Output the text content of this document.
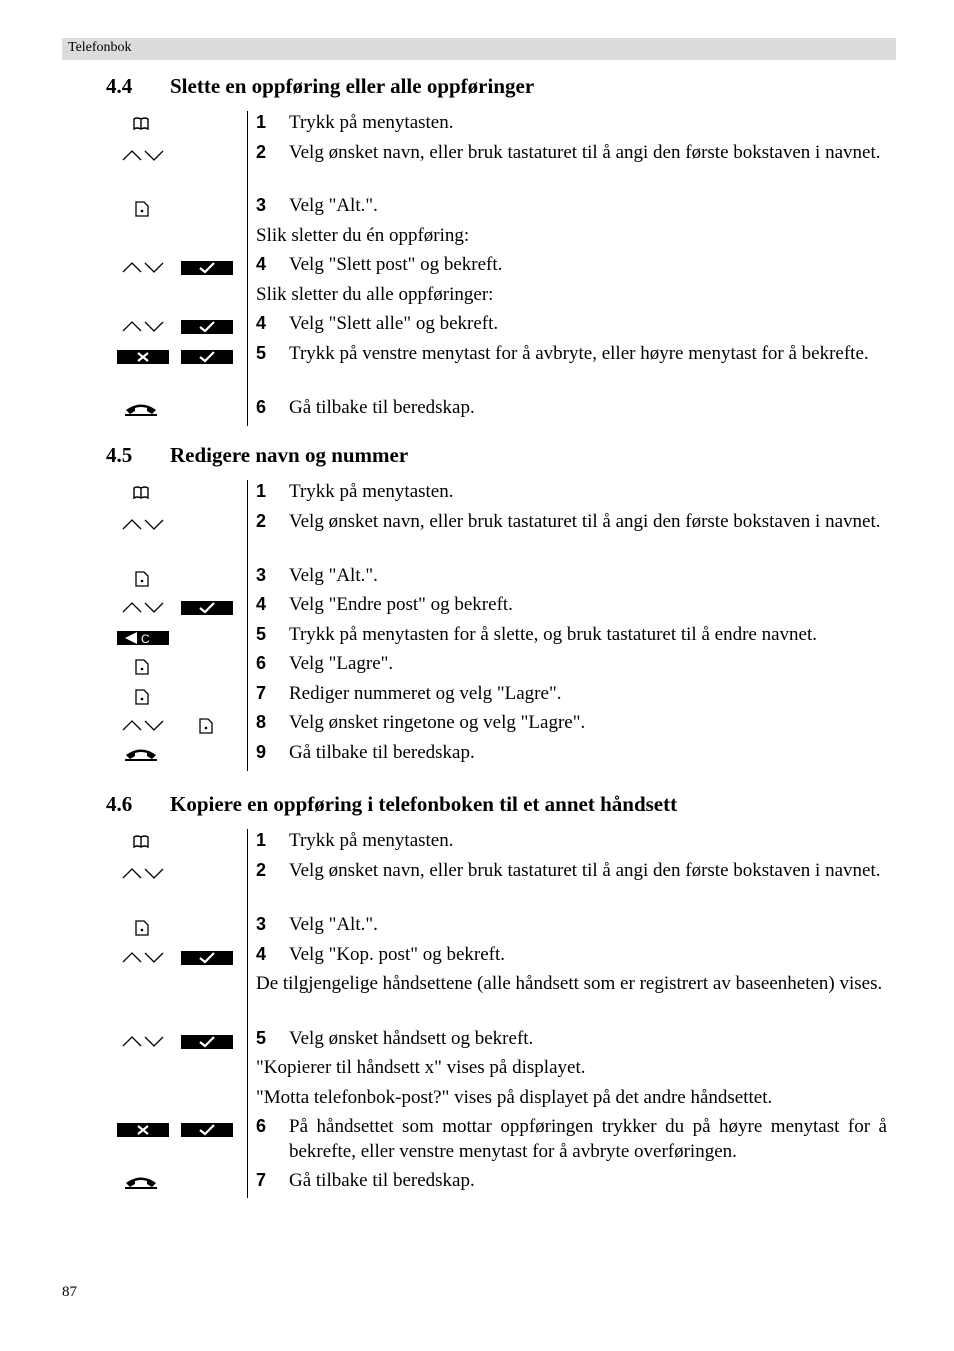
Telefonbok
4.4 Slette en oppføring eller alle oppføringer
1 Trykk på menytasten.
2 Velg ønsket navn, eller bruk tastaturet til å angi den første bokstaven i navnet.
3 Velg "Alt.".
Slik sletter du én oppføring:
4 Velg "Slett post" og bekreft.
Slik sletter du alle oppføringer:
4 Velg "Slett alle" og bekreft.
5 Trykk på venstre menytast for å avbryte, eller høyre menytast for å bekrefte.
6 Gå tilbake til beredskap.
4.5 Redigere navn og nummer
1 Trykk på menytasten.
2 Velg ønsket navn, eller bruk tastaturet til å angi den første bokstaven i navnet.
3 Velg "Alt.".
4 Velg "Endre post" og bekreft.
C	5 Trykk på menytasten for å slette, og bruk tastaturet til å endre navnet.
6 Velg "Lagre".
7 Rediger nummeret og velg "Lagre".
8 Velg ønsket ringetone og velg "Lagre".
9 Gå tilbake til beredskap.
4.6 Kopiere en oppføring i telefonboken til et annet håndsett
1 Trykk på menytasten.
2 Velg ønsket navn, eller bruk tastaturet til å angi den første bokstaven i navnet.
3 Velg "Alt.".
4 Velg "Kop. post" og bekreft.
De tilgjengelige håndsettene (alle håndsett som er registrert av baseenheten) vises.
5 Velg ønsket håndsett og bekreft.
"Kopierer til håndsett x" vises på displayet.
"Motta telefonbok-post?" vises på displayet på det andre håndsettet.
6 På håndsettet som mottar oppføringen trykker du på høyre menytast for å bekrefte, eller venstre menytast for å avbryte overføringen.
7 Gå tilbake til beredskap.
87
